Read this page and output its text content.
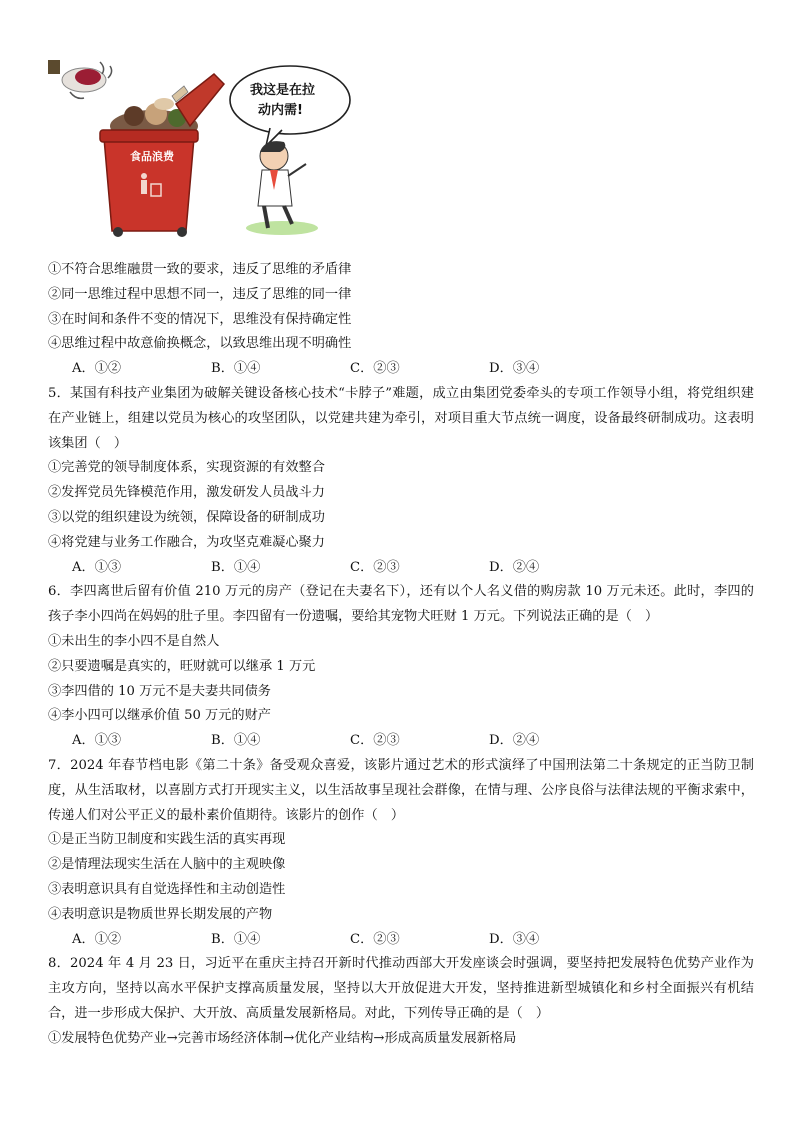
食品浪费
我这是在拉
动内需!
①不符合思维融贯一致的要求，违反了思维的矛盾律
②同一思维过程中思想不同一，违反了思维的同一律
③在时间和条件不变的情况下，思维没有保持确定性
④思维过程中故意偷换概念，以致思维出现不明确性
A．①②	B．①④	C．②③	D．③④
5．某国有科技产业集团为破解关键设备核心技术“卡脖子”难题，成立由集团党委牵头的专项工作领导小组，将党组织建在产业链上，组建以党员为核心的攻坚团队，以党建共建为牵引，对项目重大节点统一调度，设备最终研制成功。这表明该集团（　）
①完善党的领导制度体系，实现资源的有效整合
②发挥党员先锋模范作用，激发研发人员战斗力
③以党的组织建设为统领，保障设备的研制成功
④将党建与业务工作融合，为攻坚克难凝心聚力
A．①③	B．①④	C．②③	D．②④
6．李四离世后留有价值 210 万元的房产（登记在夫妻名下），还有以个人名义借的购房款 10 万元未还。此时，李四的孩子李小四尚在妈妈的肚子里。李四留有一份遗嘱，要给其宠物犬旺财 1 万元。下列说法正确的是（　）
①未出生的李小四不是自然人
②只要遗嘱是真实的，旺财就可以继承 1 万元
③李四借的 10 万元不是夫妻共同债务
④李小四可以继承价值 50 万元的财产
A．①③	B．①④	C．②③	D．②④
7．2024 年春节档电影《第二十条》备受观众喜爱，该影片通过艺术的形式演绎了中国刑法第二十条规定的正当防卫制度，从生活取材，以喜剧方式打开现实主义，以生活故事呈现社会群像，在情与理、公序良俗与法律法规的平衡求索中，传递人们对公平正义的最朴素价值期待。该影片的创作（　）
①是正当防卫制度和实践生活的真实再现
②是情理法现实生活在人脑中的主观映像
③表明意识具有自觉选择性和主动创造性
④表明意识是物质世界长期发展的产物
A．①②	B．①④	C．②③	D．③④
8．2024 年 4 月 23 日，习近平在重庆主持召开新时代推动西部大开发座谈会时强调，要坚持把发展特色优势产业作为主攻方向，坚持以高水平保护支撑高质量发展，坚持以大开放促进大开发，坚持推进新型城镇化和乡村全面振兴有机结合，进一步形成大保护、大开放、高质量发展新格局。对此，下列传导正确的是（　）
①发展特色优势产业→完善市场经济体制→优化产业结构→形成高质量发展新格局
